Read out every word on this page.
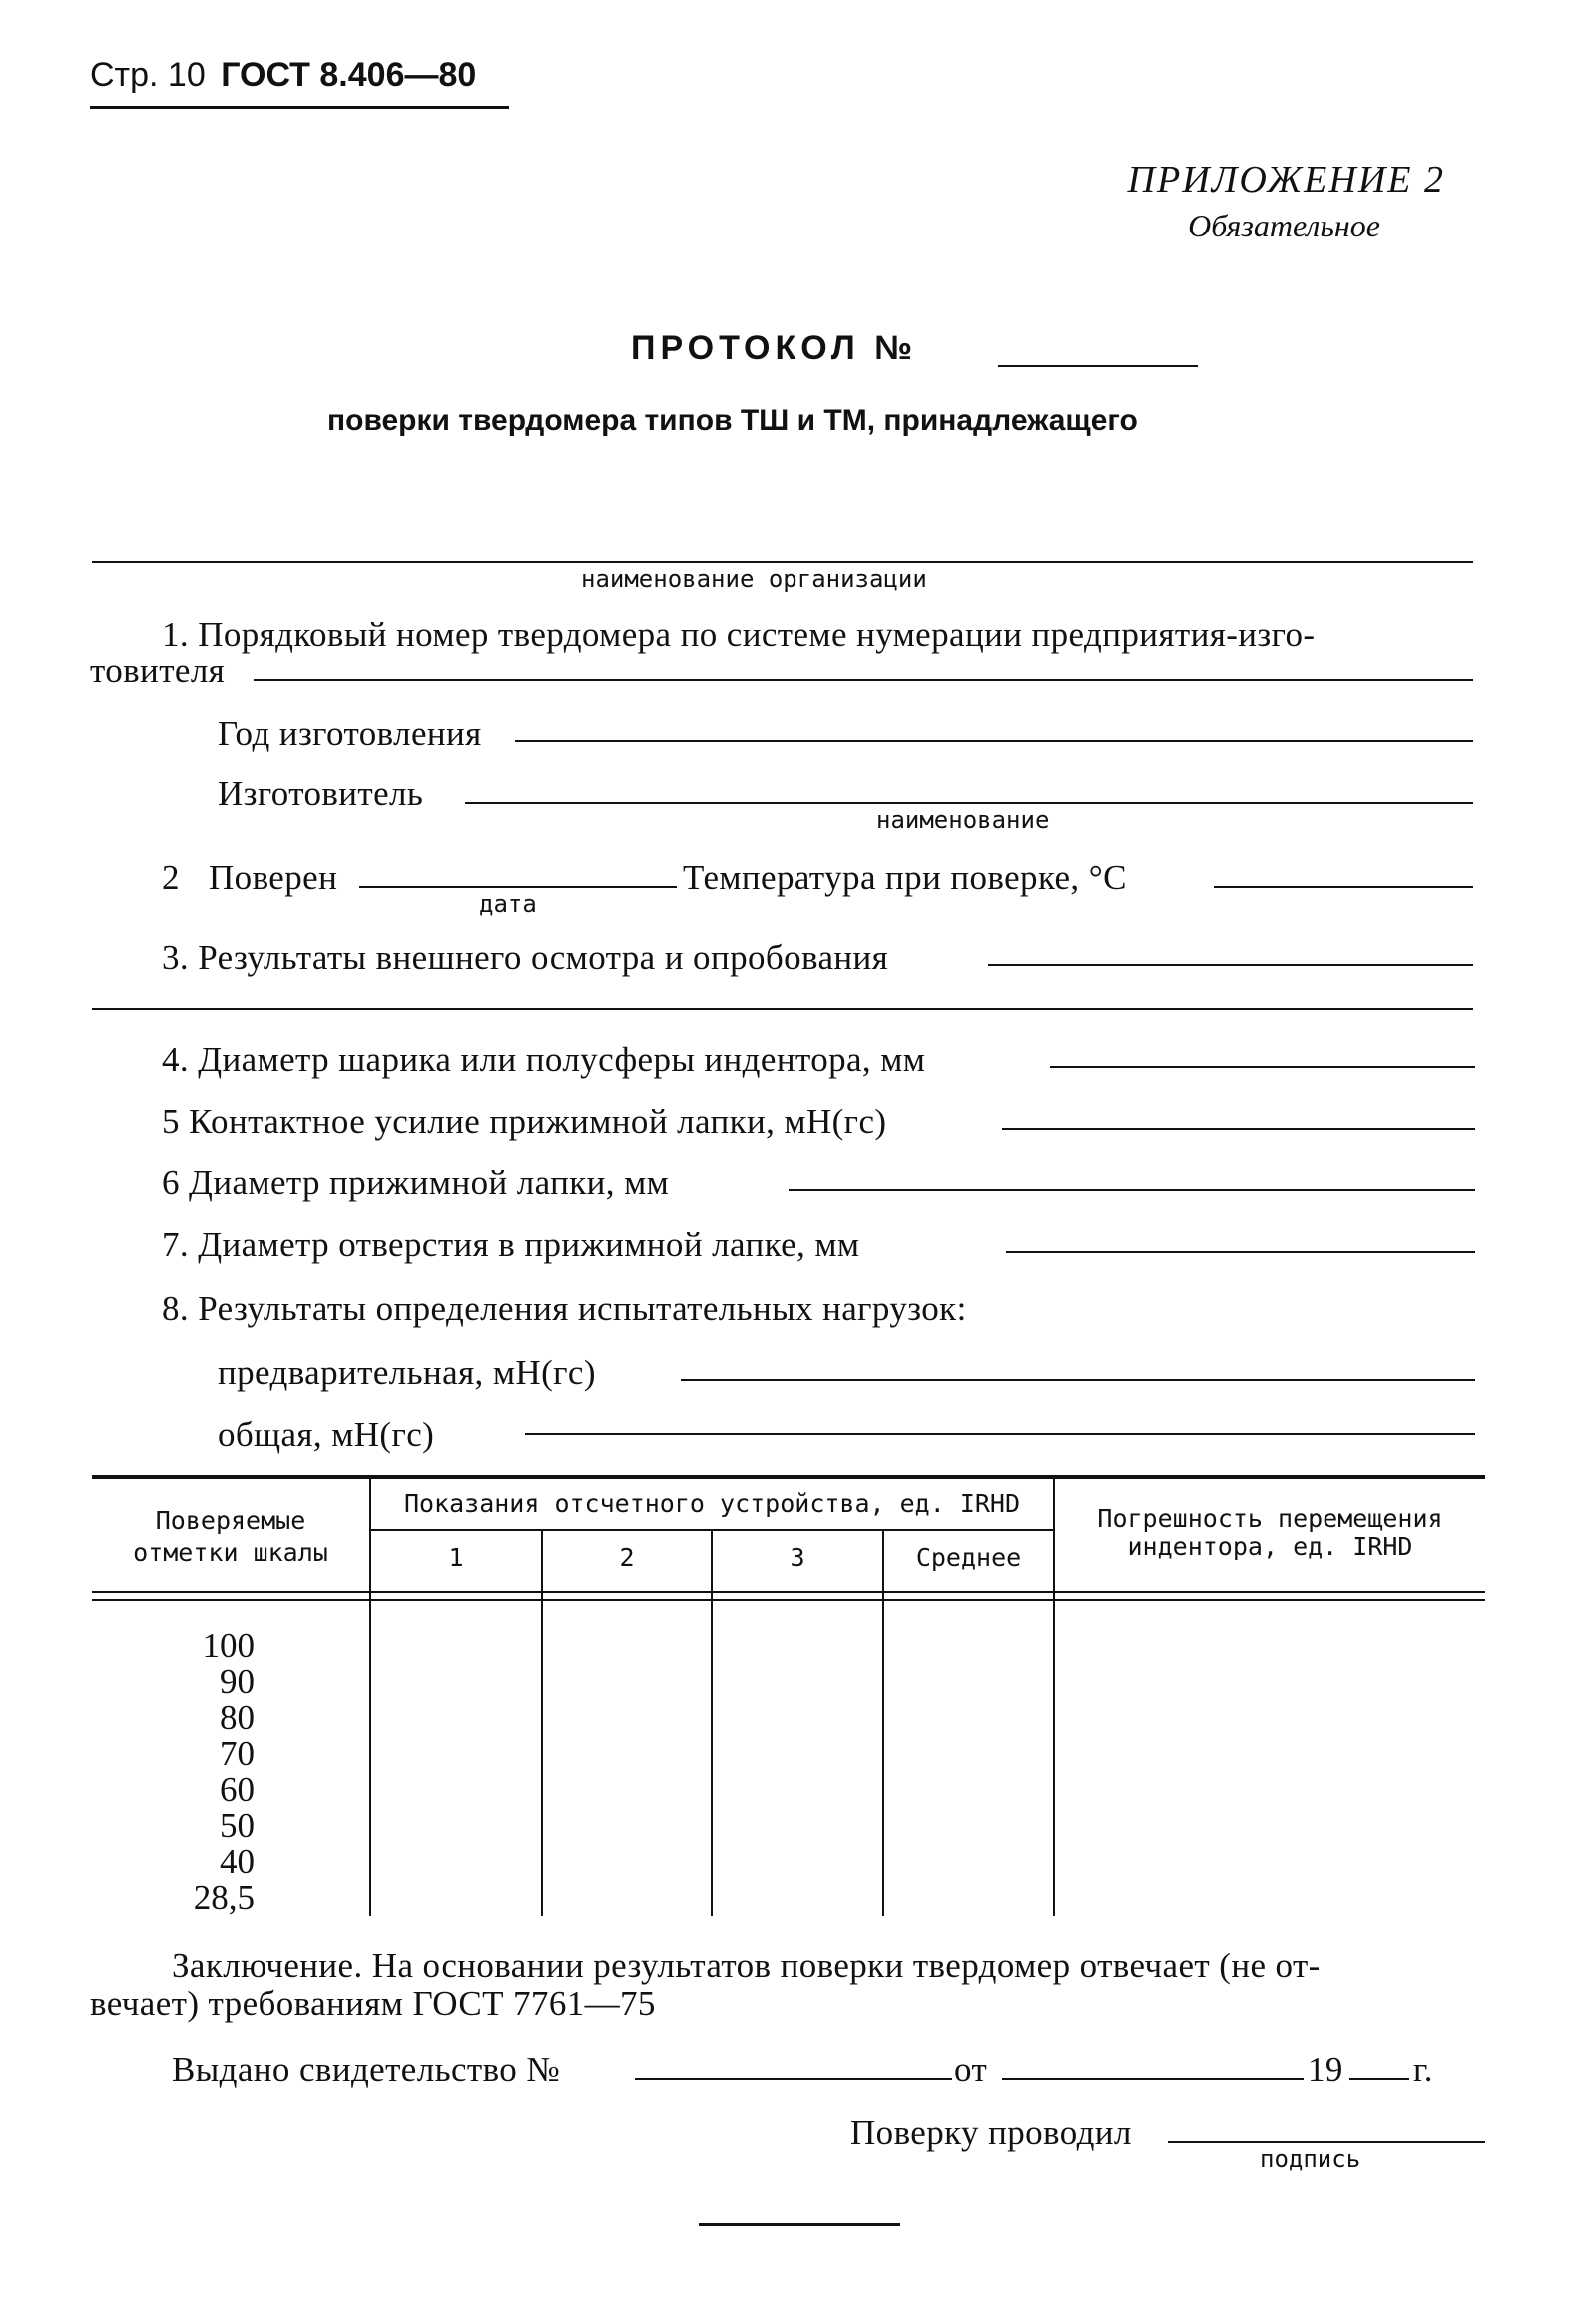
Стр. 10 ГОСТ 8.406—80
ПРИЛОЖЕНИЕ 2
Обязательное
ПРОТОКОЛ №
поверки твердомера типов ТШ и ТМ, принадлежащего
наименование организации
1. Порядковый номер твердомера по системе нумерации предприятия-изго-
товителя
Год изготовления
Изготовитель
наименование
2 Поверен
дата
Температура при поверке, °С
3. Результаты внешнего осмотра и опробования
4. Диаметр шарика или полусферы индентора, мм
5 Контактное усилие прижимной лапки, мН(гс)
6 Диаметр прижимной лапки, мм
7. Диаметр отверстия в прижимной лапке, мм
8. Результаты определения испытательных нагрузок:
предварительная, мН(гс)
общая, мН(гс)
Поверяемые
отметки шкалы
Показания отсчетного устройства, ед. IRHD
1	2	3	Среднее
Погрешность перемещения
индентора, ед. IRHD
100
90
80
70
60
50
40
28,5
Заключение. На основании результатов поверки твердомер отвечает (не от-
вечает) требованиям ГОСТ 7761—75
Выдано свидетельство №	от	19 г.
Поверку проводил
подпись
